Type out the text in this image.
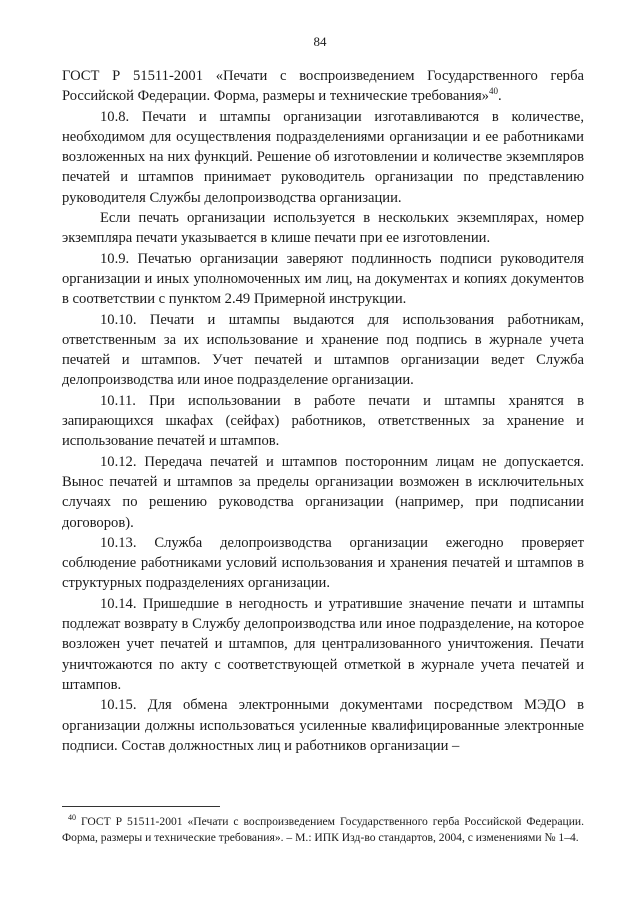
84

ГОСТ Р 51511-2001 «Печати с воспроизведением Государственного герба Российской Федерации. Форма, размеры и технические требования»$^{40}$.

10.8. Печати и штампы организации изготавливаются в количестве, необходимом для осуществления подразделениями организации и ее работниками возложенных на них функций. Решение об изготовлении и количестве экземпляров печатей и штампов принимает руководитель организации по представлению руководителя Службы делопроизводства организации.

Если печать организации используется в нескольких экземплярах, номер экземпляра печати указывается в клише печати при ее изготовлении.

10.9. Печатью организации заверяют подлинность подписи руководителя организации и иных уполномоченных им лиц, на документах и копиях документов в соответствии с пунктом 2.49 Примерной инструкции.

10.10. Печати и штампы выдаются для использования работникам, ответственным за их использование и хранение под подпись в журнале учета печатей и штампов. Учет печатей и штампов организации ведет Служба делопроизводства или иное подразделение организации.

10.11. При использовании в работе печати и штампы хранятся в запирающихся шкафах (сейфах) работников, ответственных за хранение и использование печатей и штампов.

10.12. Передача печатей и штампов посторонним лицам не допускается. Вынос печатей и штампов за пределы организации возможен в исключительных случаях по решению руководства организации (например, при подписании договоров).

10.13. Служба делопроизводства организации ежегодно проверяет соблюдение работниками условий использования и хранения печатей и штампов в структурных подразделениях организации.

10.14. Пришедшие в негодность и утратившие значение печати и штампы подлежат возврату в Службу делопроизводства или иное подразделение, на которое возложен учет печатей и штампов, для централизованного уничтожения. Печати уничтожаются по акту с соответствующей отметкой в журнале учета печатей и штампов.

10.15. Для обмена электронными документами посредством МЭДО в организации должны использоваться усиленные квалифицированные электронные подписи. Состав должностных лиц и работников организации –

$^{40}$ ГОСТ Р 51511-2001 «Печати с воспроизведением Государственного герба Российской Федерации. Форма, размеры и технические требования». – М.: ИПК Изд-во стандартов, 2004, с изменениями № 1–4.
